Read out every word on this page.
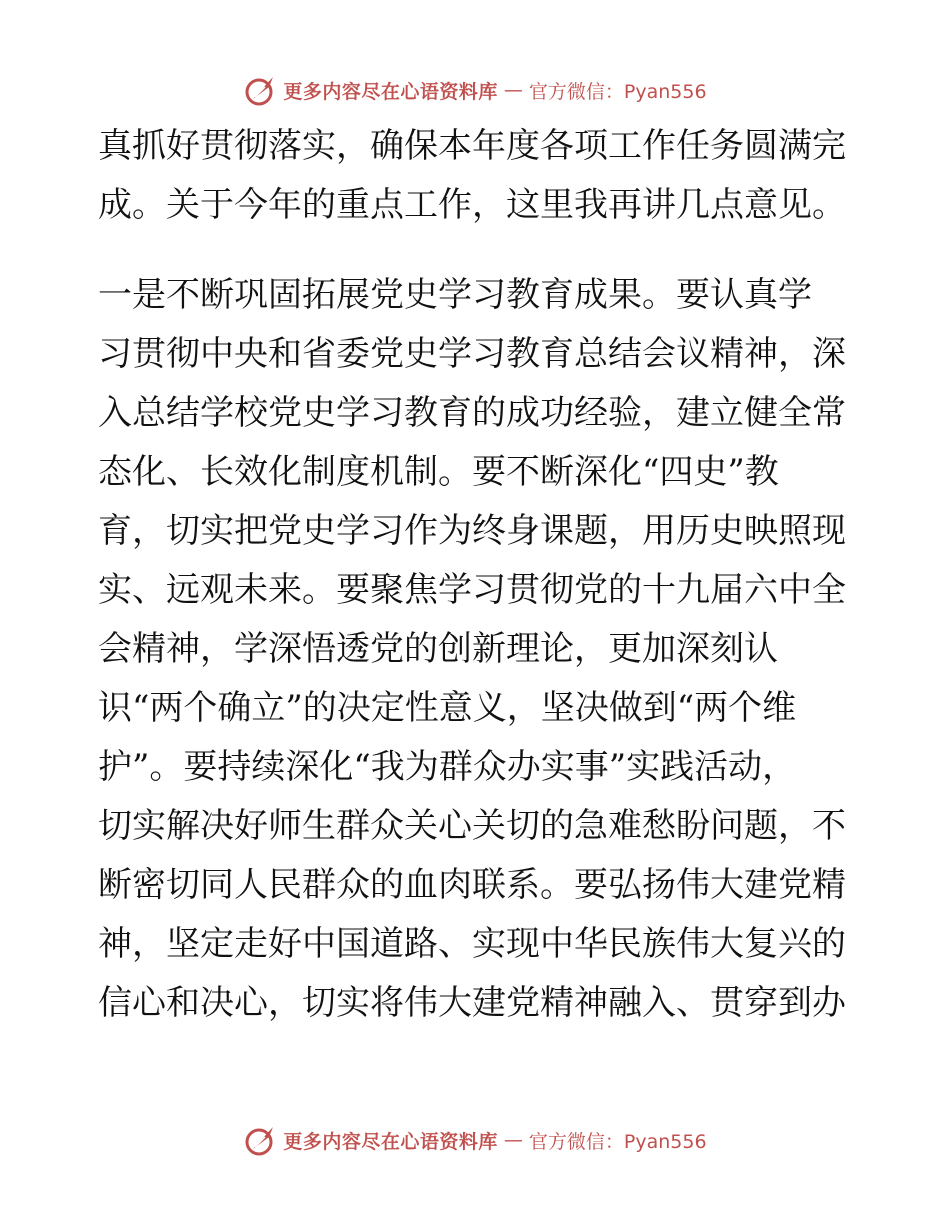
更多内容尽在心语资料库 — 官方微信：Pyan556
真抓好贯彻落实，确保本年度各项工作任务圆满完
成。关于今年的重点工作，这里我再讲几点意见。
一是不断巩固拓展党史学习教育成果。要认真学
习贯彻中央和省委党史学习教育总结会议精神，深
入总结学校党史学习教育的成功经验，建立健全常
态化、长效化制度机制。要不断深化“四史”教
育，切实把党史学习作为终身课题，用历史映照现
实、远观未来。要聚焦学习贯彻党的十九届六中全
会精神，学深悟透党的创新理论，更加深刻认
识“两个确立”的决定性意义，坚决做到“两个维
护”。要持续深化“我为群众办实事”实践活动，
切实解决好师生群众关心关切的急难愁盼问题，不
断密切同人民群众的血肉联系。要弘扬伟大建党精
神，坚定走好中国道路、实现中华民族伟大复兴的
信心和决心，切实将伟大建党精神融入、贯穿到办
更多内容尽在心语资料库 — 官方微信：Pyan556
